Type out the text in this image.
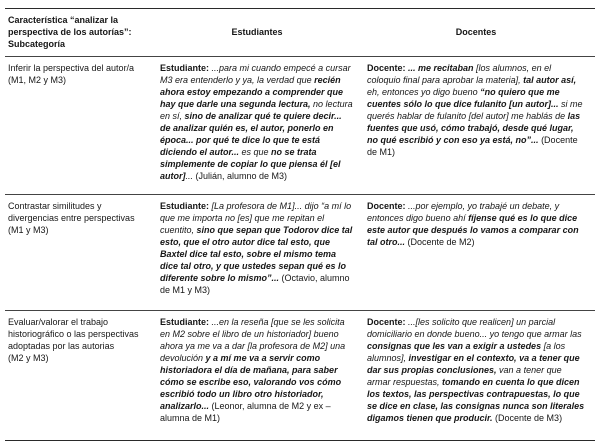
Característica “analizar la perspectiva de los autorías”:
Subcategoría
Estudiantes	Docentes
Inferir la perspectiva del autor/a
(M1, M2 y M3)
Estudiante: ...para mi cuando empecé a cursar M3 era entenderlo y ya, la verdad que recién ahora estoy empezando a comprender que hay que darle una segunda lectura, no lectura en sí, sino de analizar qué te quiere decir... de analizar quién es, el autor, ponerlo en época... por qué te dice lo que te está diciendo el autor... es que no se trata simplemente de copiar lo que piensa él [el autor]... (Julián, alumno de M3)
Docente: ... me recitaban [los alumnos, en el coloquio final para aprobar la materia], tal autor así, eh, entonces yo digo bueno “no quiero que me cuentes sólo lo que dice fulanito [un autor]... si me querés hablar de fulanito [del autor] me hablás de las fuentes que usó, cómo trabajó, desde qué lugar, no qué escribió y con eso ya está, no”... (Docente de M1)
Contrastar similitudes y divergencias entre perspectivas
(M1 y M3)
Estudiante: [La profesora de M1]... dijo “a mí lo que me importa no [es] que me repitan el cuentito, sino que sepan que Todorov dice tal esto, que el otro autor dice tal esto, que Baxtel dice tal esto, sobre el mismo tema dice tal otro, y que ustedes sepan qué es lo diferente sobre lo mismo”... (Octavio, alumno de M1 y M3)
Docente: ...por ejemplo, yo trabajé un debate, y entonces digo bueno ahí fíjense qué es lo que dice este autor que después lo vamos a comparar con tal otro... (Docente de M2)
Evaluar/valorar el trabajo historiográfico o las perspectivas adoptadas por las autorias
(M2 y M3)
Estudiante: ...en la reseña [que se les solicita en M2 sobre el libro de un historiador] bueno ahora ya me va a dar [la profesora de M2] una devolución y a mí me va a servir como historiadora el día de mañana, para saber cómo se escribe eso, valorando vos cómo escribió todo un libro otro historiador, analizarlo... (Leonor, alumna de M2 y ex – alumna de M1)
Docente: ...[les solicito que realicen] un parcial domiciliario en donde bueno... yo tengo que armar las consignas que les van a exigir a ustedes [a los alumnos], investigar en el contexto, va a tener que dar sus propias conclusiones, van a tener que armar respuestas, tomando en cuenta lo que dicen los textos, las perspectivas contrapuestas, lo que se dice en clase, las consignas nunca son literales digamos tienen que producir. (Docente de M3)
